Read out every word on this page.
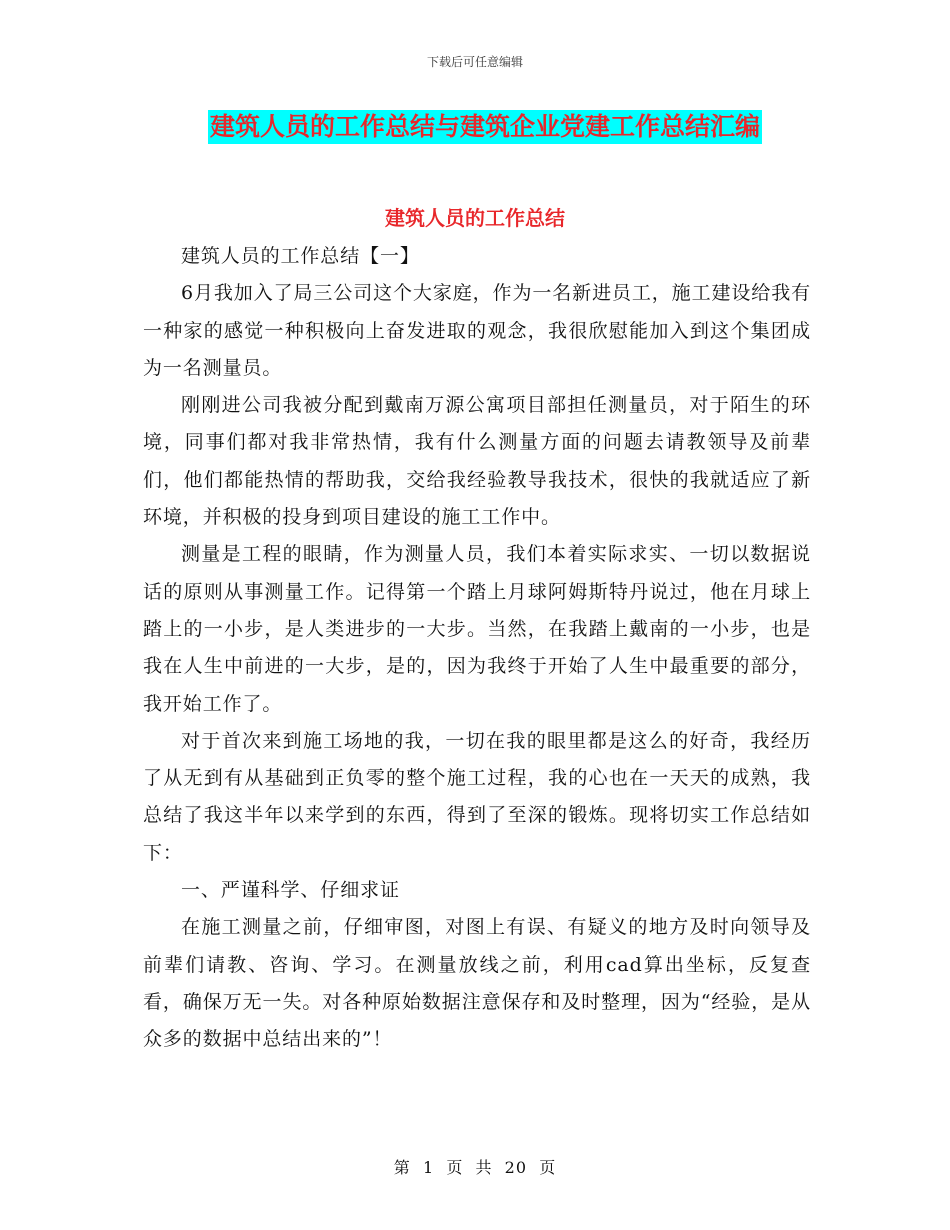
下载后可任意编辑
建筑人员的工作总结与建筑企业党建工作总结汇编
建筑人员的工作总结

建筑人员的工作总结【一】

6月我加入了局三公司这个大家庭，作为一名新进员工，施工建设给我有一种家的感觉一种积极向上奋发进取的观念，我很欣慰能加入到这个集团成为一名测量员。

刚刚进公司我被分配到戴南万源公寓项目部担任测量员，对于陌生的环境，同事们都对我非常热情，我有什么测量方面的问题去请教领导及前辈们，他们都能热情的帮助我，交给我经验教导我技术，很快的我就适应了新环境，并积极的投身到项目建设的施工工作中。

测量是工程的眼睛，作为测量人员，我们本着实际求实、一切以数据说话的原则从事测量工作。记得第一个踏上月球阿姆斯特丹说过，他在月球上踏上的一小步，是人类进步的一大步。当然，在我踏上戴南的一小步，也是我在人生中前进的一大步，是的，因为我终于开始了人生中最重要的部分，我开始工作了。

对于首次来到施工场地的我，一切在我的眼里都是这么的好奇，我经历了从无到有从基础到正负零的整个施工过程，我的心也在一天天的成熟，我总结了我这半年以来学到的东西，得到了至深的锻炼。现将切实工作总结如下：

一、严谨科学、仔细求证

在施工测量之前，仔细审图，对图上有误、有疑义的地方及时向领导及前辈们请教、咨询、学习。在测量放线之前，利用cad算出坐标，反复查看，确保万无一失。对各种原始数据注意保存和及时整理，因为“经验，是从众多的数据中总结出来的”！

第  1  页  共  20  页
